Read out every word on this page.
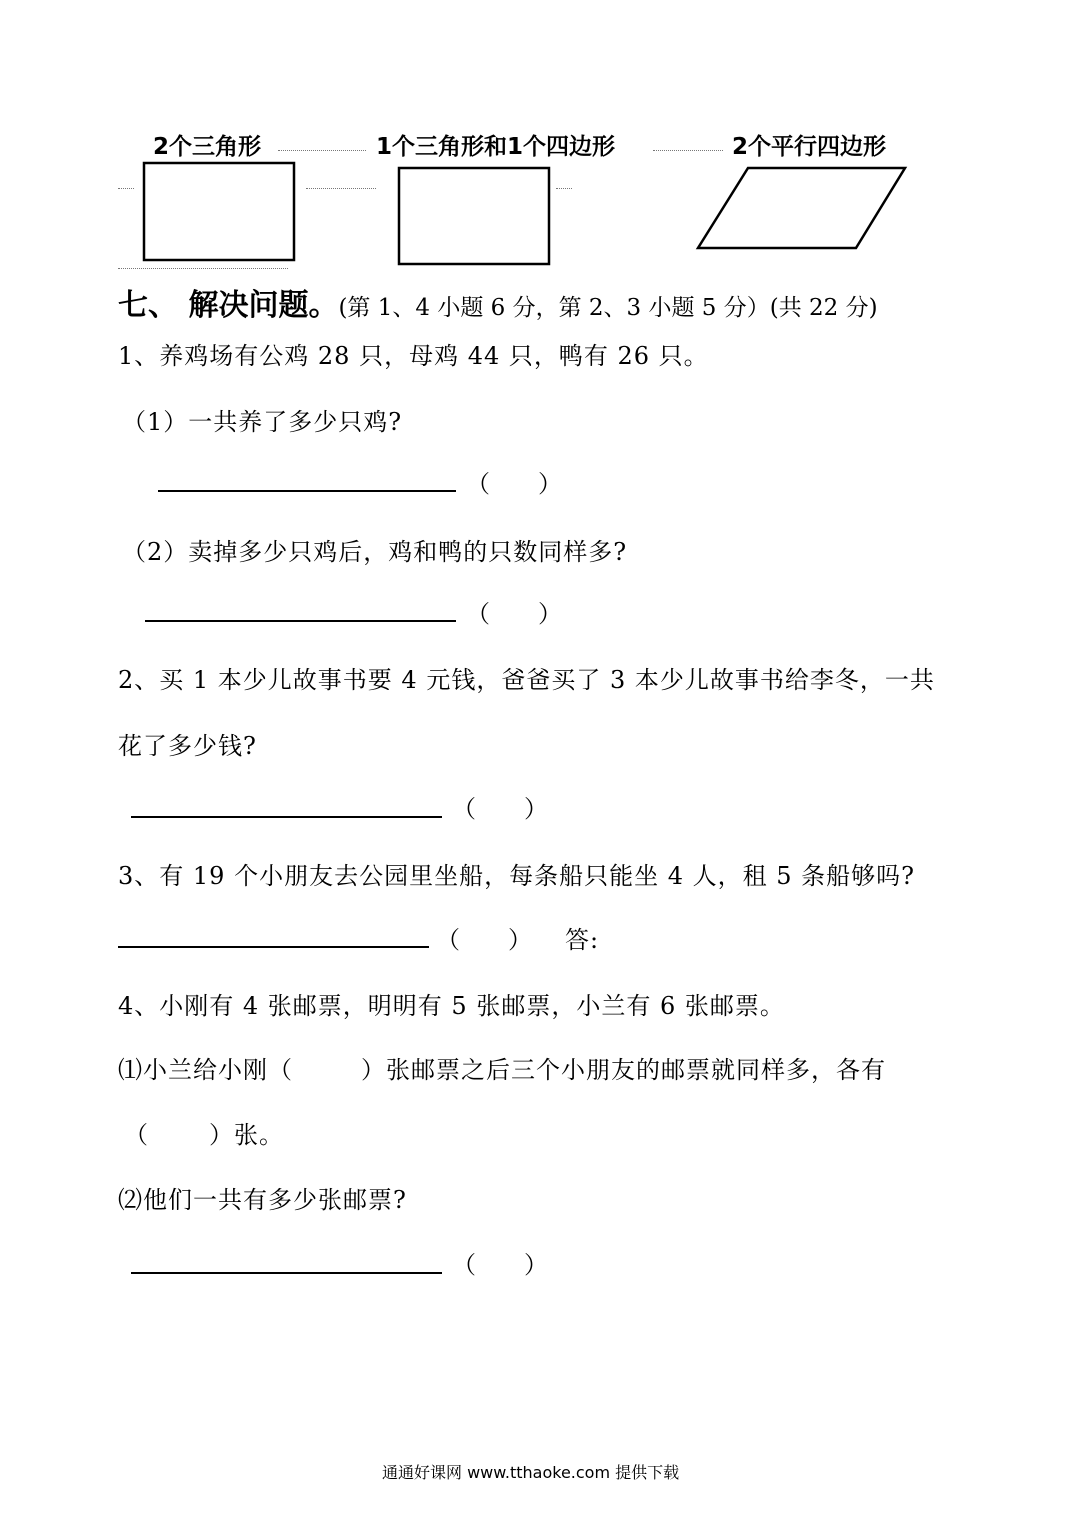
2个三角形	1个三角形和1个四边形	2个平行四边形
七、 解决问题。(第 1、4 小题 6 分，第 2、3 小题 5 分）(共 22 分)
1、养鸡场有公鸡 28 只，母鸡 44 只，鸭有 26 只。
（1）一共养了多少只鸡?
（　　）
（2）卖掉多少只鸡后，鸡和鸭的只数同样多?
（　　）
2、买 1 本少儿故事书要 4 元钱，爸爸买了 3 本少儿故事书给李冬，一共
花了多少钱?
（　　）
3、有 19 个小朋友去公园里坐船，每条船只能坐 4 人，租 5 条船够吗?
（　　） 答:
4、小刚有 4 张邮票，明明有 5 张邮票，小兰有 6 张邮票。
⑴小兰给小刚（	）张邮票之后三个小朋友的邮票就同样多，各有
（	）张。
⑵他们一共有多少张邮票?
（　　）
通通好课网 www.tthaoke.com 提供下载
